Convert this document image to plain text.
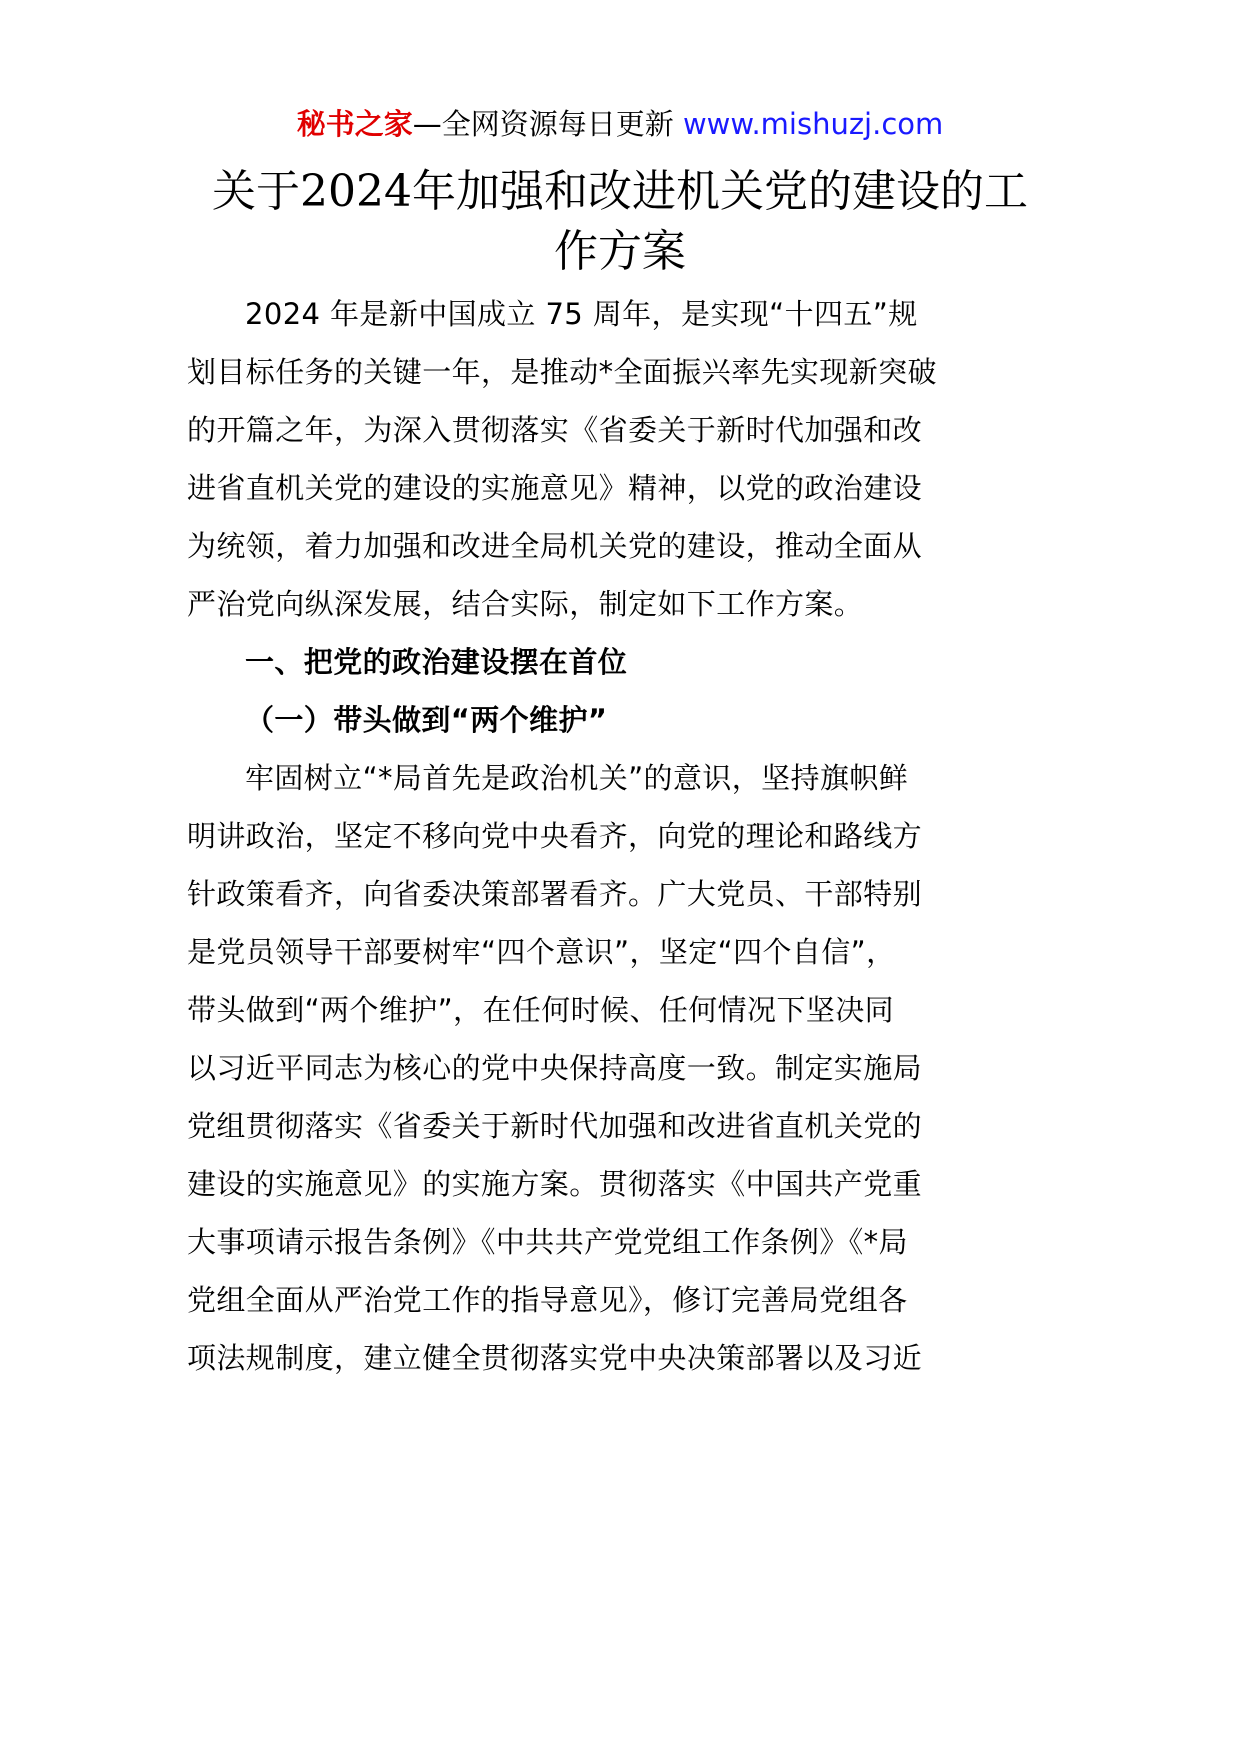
秘书之家—全网资源每日更新 www.mishuzj.com
关于2024年加强和改进机关党的建设的工
作方案
2024 年是新中国成立 75 周年，是实现“十四五”规
划目标任务的关键一年，是推动*全面振兴率先实现新突破
的开篇之年，为深入贯彻落实《省委关于新时代加强和改
进省直机关党的建设的实施意见》精神，以党的政治建设
为统领，着力加强和改进全局机关党的建设，推动全面从
严治党向纵深发展，结合实际，制定如下工作方案。
一、把党的政治建设摆在首位
（一）带头做到“两个维护”
牢固树立“*局首先是政治机关”的意识，坚持旗帜鲜
明讲政治，坚定不移向党中央看齐，向党的理论和路线方
针政策看齐，向省委决策部署看齐。广大党员、干部特别
是党员领导干部要树牢“四个意识”，坚定“四个自信”，
带头做到“两个维护”，在任何时候、任何情况下坚决同
以习近平同志为核心的党中央保持高度一致。制定实施局
党组贯彻落实《省委关于新时代加强和改进省直机关党的
建设的实施意见》的实施方案。贯彻落实《中国共产党重
大事项请示报告条例》《中共共产党党组工作条例》《*局
党组全面从严治党工作的指导意见》，修订完善局党组各
项法规制度，建立健全贯彻落实党中央决策部署以及习近
